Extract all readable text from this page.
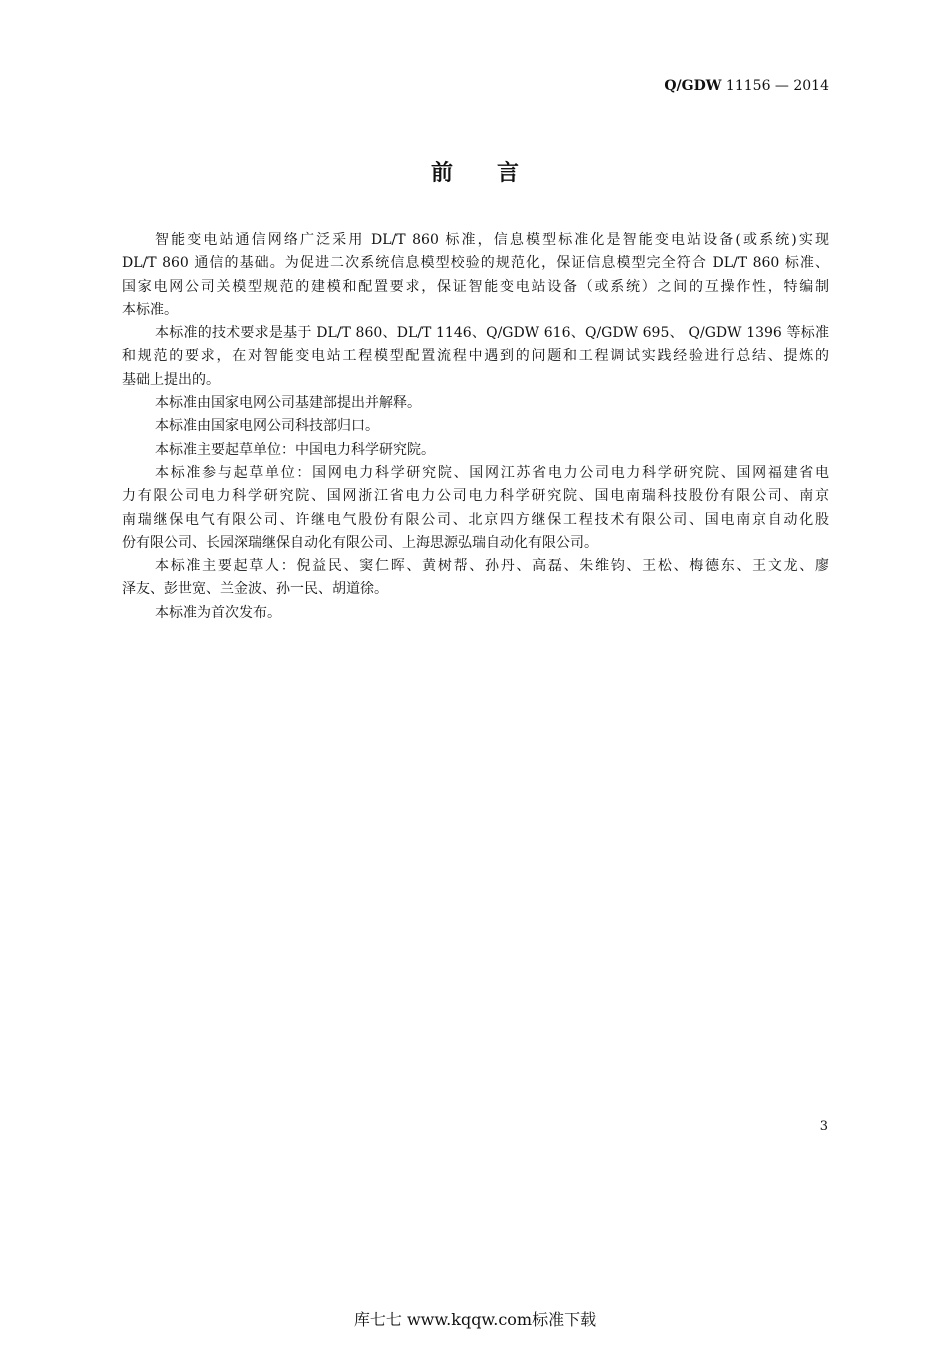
Q/GDW 11156 — 2014
前言
智能变电站通信网络广泛采用 DL/T 860 标准，信息模型标准化是智能变电站设备(或系统)实现
DL/T 860 通信的基础。为促进二次系统信息模型校验的规范化，保证信息模型完全符合 DL/T 860 标准、
国家电网公司关模型规范的建模和配置要求，保证智能变电站设备（或系统）之间的互操作性，特编制
本标准。
本标准的技术要求是基于 DL/T 860、DL/T 1146、Q/GDW 616、Q/GDW 695、 Q/GDW 1396 等标准
和规范的要求，在对智能变电站工程模型配置流程中遇到的问题和工程调试实践经验进行总结、提炼的
基础上提出的。
本标准由国家电网公司基建部提出并解释。
本标准由国家电网公司科技部归口。
本标准主要起草单位：中国电力科学研究院。
本标准参与起草单位：国网电力科学研究院、国网江苏省电力公司电力科学研究院、国网福建省电
力有限公司电力科学研究院、国网浙江省电力公司电力科学研究院、国电南瑞科技股份有限公司、南京
南瑞继保电气有限公司、许继电气股份有限公司、北京四方继保工程技术有限公司、国电南京自动化股
份有限公司、长园深瑞继保自动化有限公司、上海思源弘瑞自动化有限公司。
本标准主要起草人：倪益民、窦仁晖、黄树帮、孙丹、高磊、朱维钧、王松、梅德东、王文龙、廖
泽友、彭世宽、兰金波、孙一民、胡道徐。
本标准为首次发布。
3
库七七 www.kqqw.com标准下载
